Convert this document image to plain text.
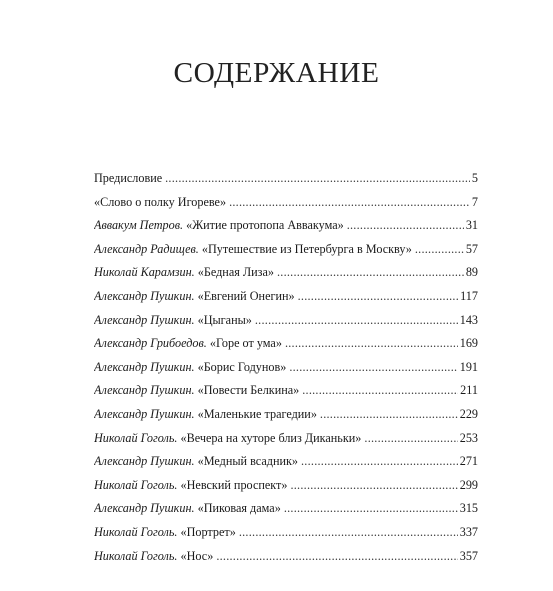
СОДЕРЖАНИЕ
Предисловие . . .	5
«Слово о полку Игореве» . . .	7
Аввакум Петров. «Житие протопопа Аввакума» . . .	31
Александр Радищев. «Путешествие из Петербурга в Москву» . . .	57
Николай Карамзин. «Бедная Лиза» . . .	89
Александр Пушкин. «Евгений Онегин» . . .	117
Александр Пушкин. «Цыганы» . . .	143
Александр Грибоедов. «Горе от ума» . . .	169
Александр Пушкин. «Борис Годунов» . . .	191
Александр Пушкин. «Повести Белкина» . . .	211
Александр Пушкин. «Маленькие трагедии» . . .	229
Николай Гоголь. «Вечера на хуторе близ Диканьки» . . .	253
Александр Пушкин. «Медный всадник» . . .	271
Николай Гоголь. «Невский проспект» . . .	299
Александр Пушкин. «Пиковая дама» . . .	315
Николай Гоголь. «Портрет» . . .	337
Николай Гоголь. «Нос» . . .	357
